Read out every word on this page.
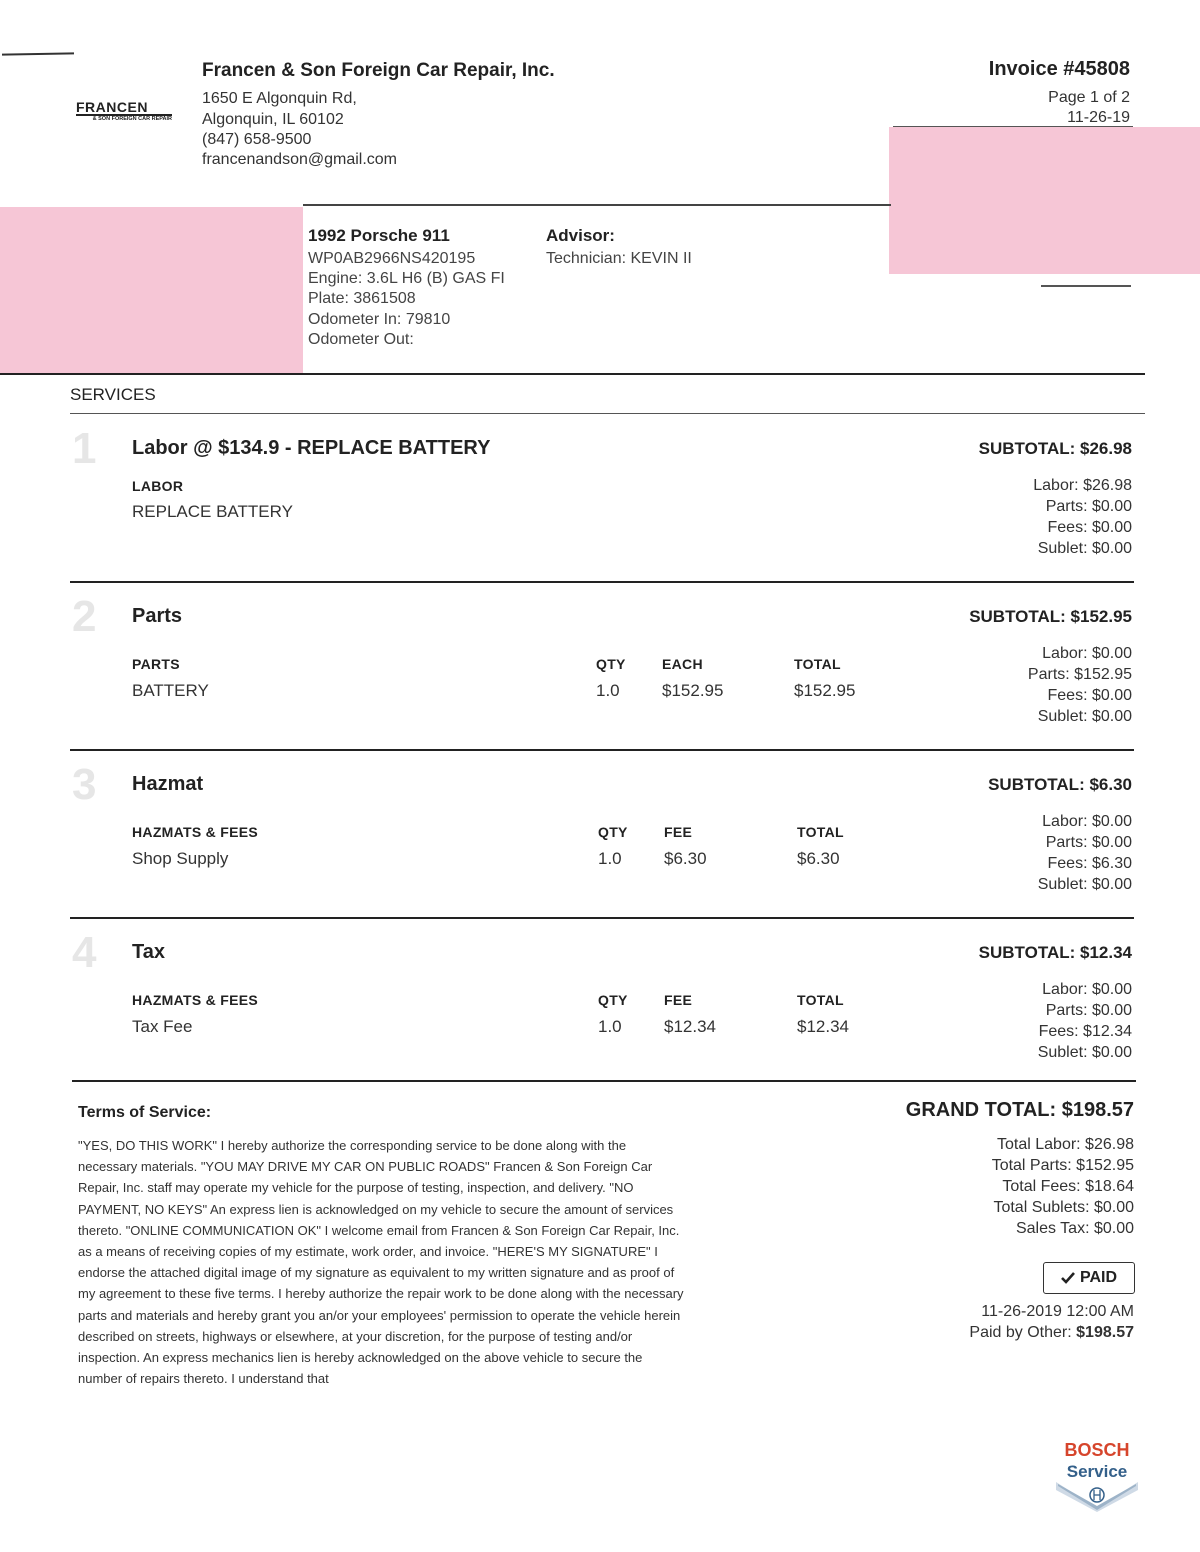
FRANCEN
& SON FOREIGN CAR REPAIR
Francen & Son Foreign Car Repair, Inc.
1650 E Algonquin Rd,
Algonquin, IL 60102
(847) 658-9500
francenandson@gmail.com
Invoice #45808
Page 1 of 2
11-26-19
1992 Porsche 911
WP0AB2966NS420195
Engine: 3.6L H6 (B) GAS FI
Plate: 3861508
Odometer In: 79810
Odometer Out:
Advisor:
Technician: KEVIN II
SERVICES
1 Labor @ $134.9 - REPLACE BATTERY	SUBTOTAL: $26.98
LABOR
REPLACE BATTERY
Labor: $26.98
Parts: $0.00
Fees: $0.00
Sublet: $0.00
2 Parts	SUBTOTAL: $152.95
PARTS	QTY	EACH	TOTAL
BATTERY	1.0 $152.95	$152.95
Labor: $0.00
Parts: $152.95
Fees: $0.00
Sublet: $0.00
3 Hazmat	SUBTOTAL: $6.30
HAZMATS & FEES	QTY	FEE	TOTAL
Shop Supply	1.0 $6.30	$6.30
Labor: $0.00
Parts: $0.00
Fees: $6.30
Sublet: $0.00
4 Tax	SUBTOTAL: $12.34
HAZMATS & FEES	QTY	FEE	TOTAL
Tax Fee	1.0 $12.34	$12.34
Labor: $0.00
Parts: $0.00
Fees: $12.34
Sublet: $0.00
Terms of Service:
"YES, DO THIS WORK" I hereby authorize the corresponding service to be done along with the necessary materials. "YOU MAY DRIVE MY CAR ON PUBLIC ROADS" Francen & Son Foreign Car Repair, Inc. staff may operate my vehicle for the purpose of testing, inspection, and delivery. "NO PAYMENT, NO KEYS" An express lien is acknowledged on my vehicle to secure the amount of services thereto. "ONLINE COMMUNICATION OK" I welcome email from Francen & Son Foreign Car Repair, Inc. as a means of receiving copies of my estimate, work order, and invoice. "HERE'S MY SIGNATURE" I endorse the attached digital image of my signature as equivalent to my written signature and as proof of my agreement to these five terms. I hereby authorize the repair work to be done along with the necessary parts and materials and hereby grant you an/or your employees' permission to operate the vehicle herein described on streets, highways or elsewhere, at your discretion, for the purpose of testing and/or inspection. An express mechanics lien is hereby acknowledged on the above vehicle to secure the number of repairs thereto. I understand that
GRAND TOTAL: $198.57
Total Labor: $26.98
Total Parts: $152.95
Total Fees: $18.64
Total Sublets: $0.00
Sales Tax: $0.00
PAID
11-26-2019 12:00 AM
Paid by Other: $198.57
BOSCH
Service
